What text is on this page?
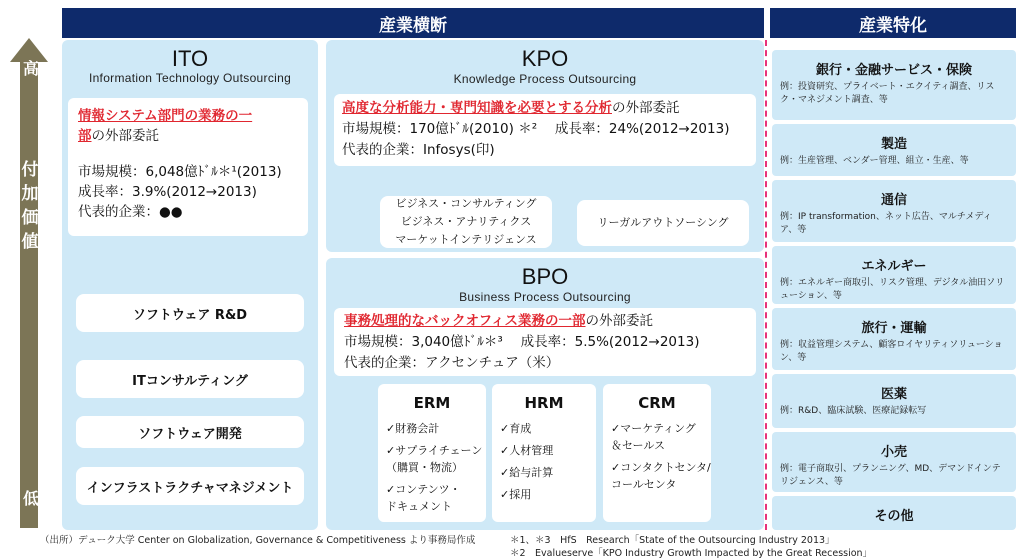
産業横断	産業特化
高
付加価値
低
ITO
Information Technology Outsourcing
情報システム部門の業務の一
部の外部委託
市場規模：6,048億ﾄﾞﾙ＊¹(2013)
成長率：3.9%(2012→2013)
代表的企業：●●
ソフトウェア R&D
ITコンサルティング
ソフトウェア開発
インフラストラクチャマネジメント
KPO
Knowledge Process Outsourcing
高度な分析能力・専門知識を必要とする分析の外部委託
市場規模：170億ﾄﾞﾙ(2010) ＊²　 成長率：24%(2012→2013)
代表的企業：Infosys(印)
ビジネス・コンサルティング
ビジネス・アナリティクス
マーケットインテリジェンス
リーガルアウトソーシング
BPO
Business Process Outsourcing
事務処理的なバックオフィス業務の一部の外部委託
市場規模：3,040億ﾄﾞﾙ＊³　 成長率：5.5%(2012→2013)
代表的企業：アクセンチュア（米）
ERM
✓財務会計
✓サプライチェーン
（購買・物流）
✓コンテンツ・
ドキュメント
HRM
✓育成
✓人材管理
✓給与計算
✓採用
CRM
✓マーケティング
＆セールス
✓コンタクトセンタ/
コールセンタ
銀行・金融サービス・保険
例：投資研究、プライベート・エクイティ調査、リスク・マネジメント調査、等
製造
例：生産管理、ベンダー管理、組立・生産、等
通信
例：IP transformation、ネット広告、マルチメディア、等
エネルギー
例：エネルギー商取引、リスク管理、デジタル油田ソリューション、等
旅行・運輸
例：収益管理システム、顧客ロイヤリティソリューション、等
医薬
例：R&D、臨床試験、医療記録転写
小売
例：電子商取引、プランニング、MD、デマンドインテリジェンス、等
その他
（出所）デューク大学 Center on Globalization, Governance & Competitiveness より事務局作成	＊1、＊3　HfS　Research「State of the Outsourcing Industry 2013」
＊2　Evalueserve「KPO Industry Growth Impacted by the Great Recession」
